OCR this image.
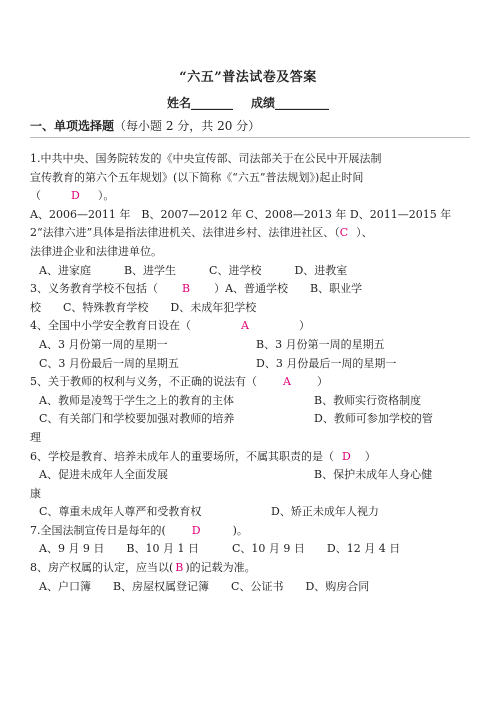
“六五”普法试卷及答案
姓名_______ 成绩_________
一、单项选择题（每小题 2 分，共 20 分）
1.中共中央、国务院转发的《中央宣传部、司法部关于在公民中开展法制
宣传教育的第六个五年规划》(以下简称《“六五”普法规划》)起止时间
（	D ）。
A、2006—2011 年　B、2007—2012 年 C、2008—2013 年 D、2011—2015 年
2“法律六进”具体是指法律进机关、法律进乡村、法律进社区、（C ）、
法律进企业和法律进单位。
A、进家庭　　　B、进学生　　　C、进学校　　　D、进教室
3、义务教育学校不包括（ B ）A、普通学校　　B、职业学
校　　C、特殊教育学校　　D、未成年犯学校
4、全国中小学安全教育日设在（	A	）
A、3 月份第一周的星期一	B、3 月份第一周的星期五
C、3 月份最后一周的星期五	D、3 月份最后一周的星期一
5、关于教师的权利与义务，不正确的说法有（ A ）
A、教师是凌驾于学生之上的教育的主体	B、教师实行资格制度
C、有关部门和学校要加强对教师的培养	D、教师可参加学校的管
理
6、学校是教育、培养未成年人的重要场所，不属其职责的是（ D ）
A、促进未成年人全面发展	B、保护未成年人身心健
康
C、尊重未成年人尊严和受教育权	D、矫正未成年人视力
7.全国法制宣传日是每年的( D	)。
A、9 月 9 日　　B、10 月 1 日　　　C、10 月 9 日　　D、12 月 4 日
8、房产权属的认定，应当以( B )的记载为准。
A、户口簿　　B、房屋权属登记簿　　C、公证书　　D、购房合同
